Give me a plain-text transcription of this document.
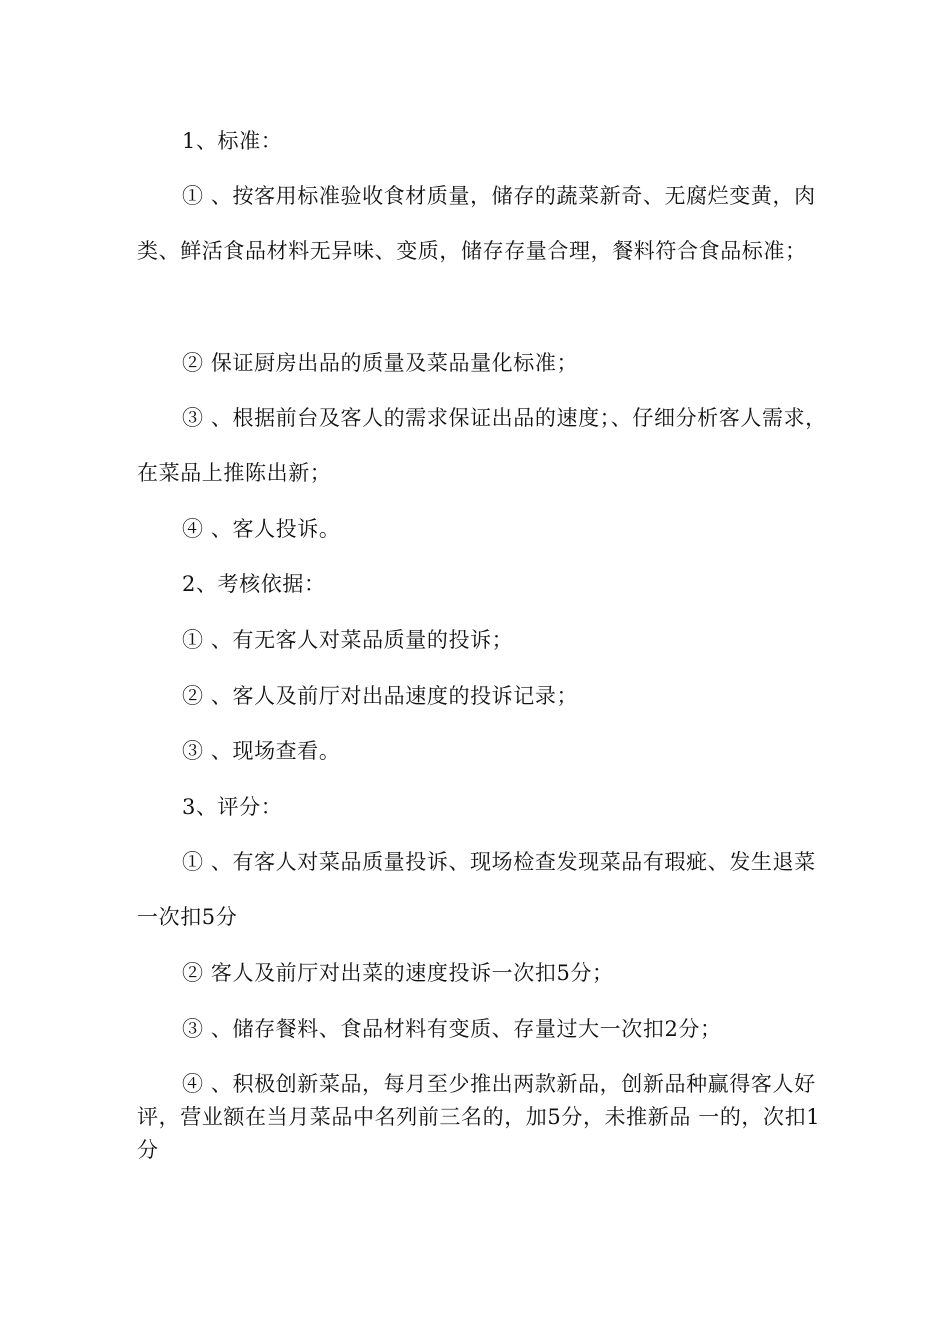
1、标准：

① 、按客用标准验收食材质量，储存的蔬菜新奇、无腐烂变黄，肉类、鲜活食品材料无异味、变质，储存存量合理，餐料符合食品标准；

② 保证厨房出品的质量及菜品量化标准；

③ 、根据前台及客人的需求保证出品的速度；、仔细分析客人需求，在菜品上推陈出新；

④ 、客人投诉。

2、考核依据：

① 、有无客人对菜品质量的投诉；

② 、客人及前厅对出品速度的投诉记录；

③ 、现场查看。

3、评分：

① 、有客人对菜品质量投诉、现场检查发现菜品有瑕疵、发生退菜一次扣5分

② 客人及前厅对出菜的速度投诉一次扣5分；

③ 、储存餐料、食品材料有变质、存量过大一次扣2分；

④ 、积极创新菜品，每月至少推出两款新品，创新品种赢得客人好评，营业额在当月菜品中名列前三名的，加5分，未推新品 一的，次扣1分
